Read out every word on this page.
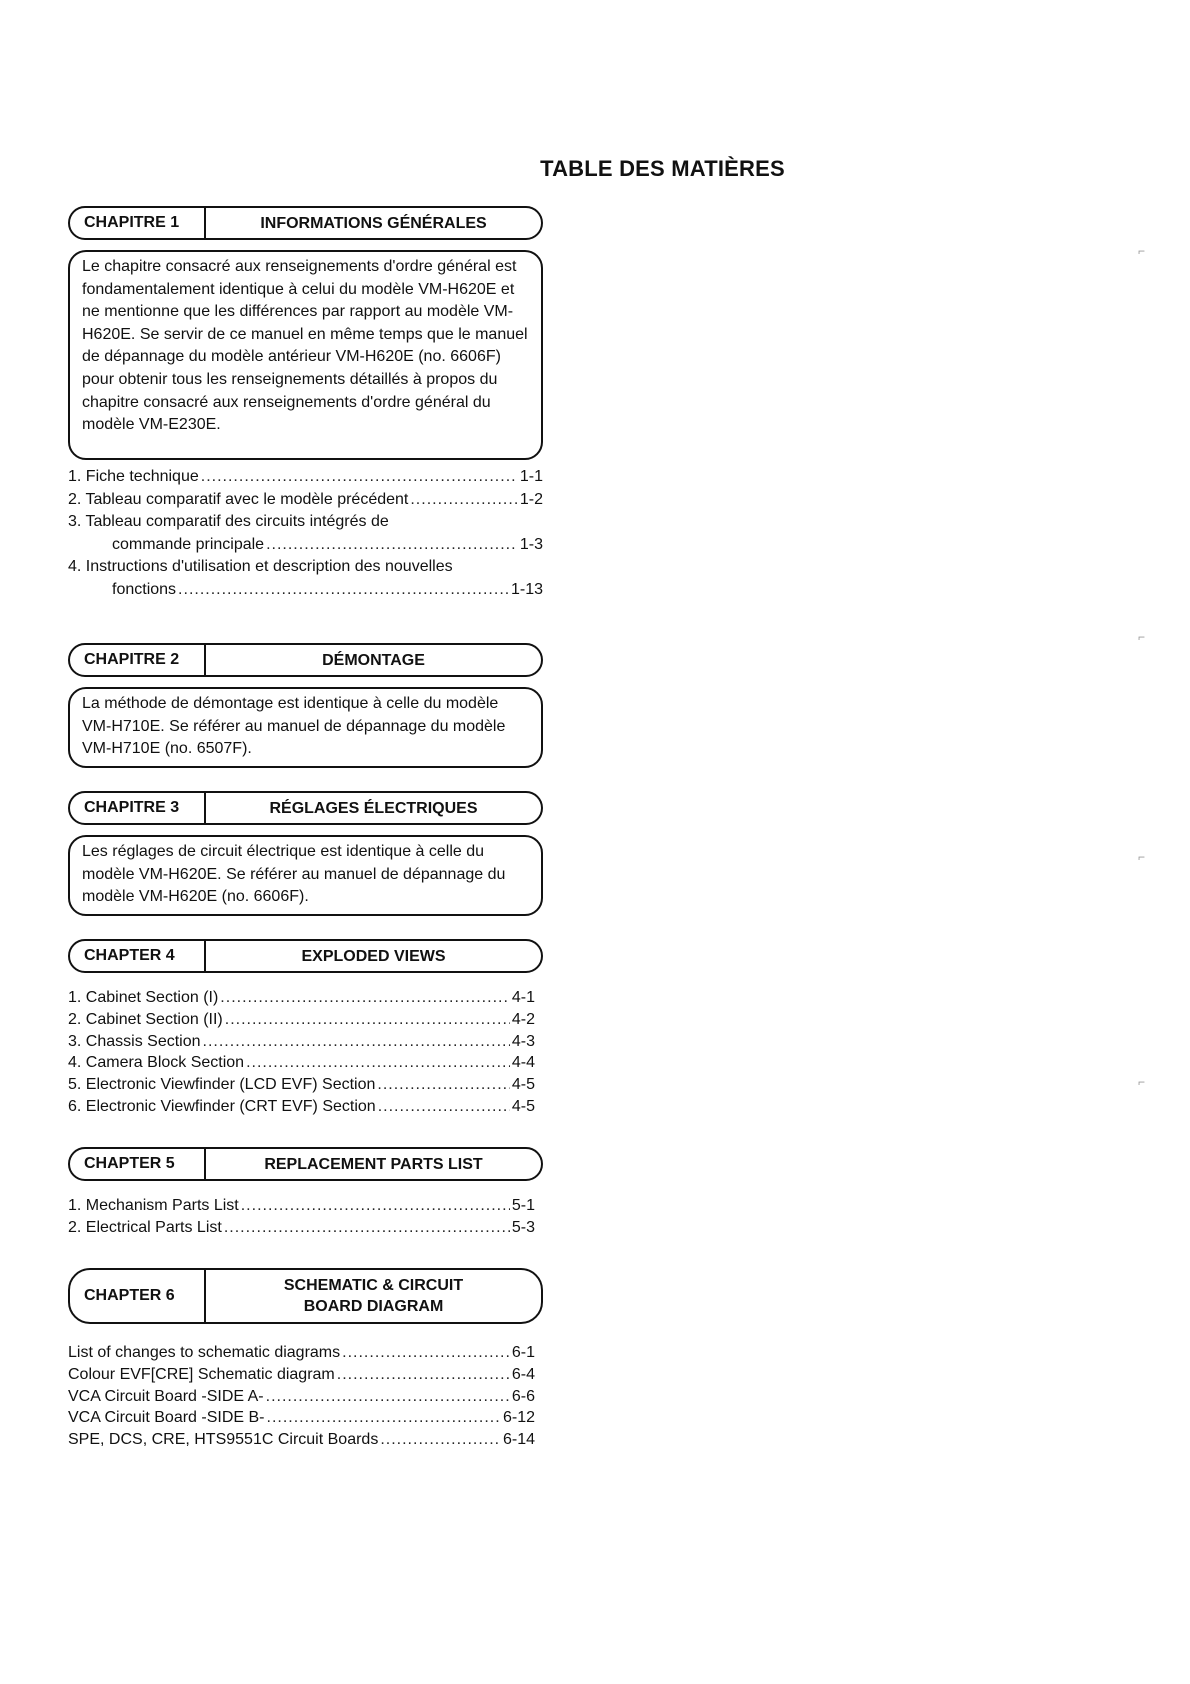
TABLE DES MATIÈRES
CHAPITRE 1	INFORMATIONS GÉNÉRALES
Le chapitre consacré aux renseignements d'ordre général est fondamentalement identique à celui du modèle VM-H620E et ne mentionne que les différences par rapport au modèle VM-H620E. Se servir de ce manuel en même temps que le manuel de dépannage du modèle antérieur VM-H620E (no. 6606F) pour obtenir tous les renseignements détaillés à propos du chapitre consacré aux renseignements d'ordre général du modèle VM-E230E.
1. Fiche technique .....	1-1
2. Tableau comparatif avec le modèle précédent .....	1-2
3. Tableau comparatif des circuits intégrés de
commande principale .....	1-3
4. Instructions d'utilisation et description des nouvelles
fonctions .....	1-13
CHAPITRE 2	DÉMONTAGE
La méthode de démontage est identique à celle du modèle VM-H710E. Se référer au manuel de dépannage du modèle VM-H710E (no. 6507F).
CHAPITRE 3	RÉGLAGES ÉLECTRIQUES
Les réglages de circuit électrique est identique à celle du modèle VM-H620E. Se référer au manuel de dépannage du modèle VM-H620E (no. 6606F).
CHAPTER 4	EXPLODED VIEWS
1. Cabinet Section (I) .....	4-1
2. Cabinet Section (II) .....	4-2
3. Chassis Section .....	4-3
4. Camera Block Section .....	4-4
5. Electronic Viewfinder (LCD EVF) Section .....	4-5
6. Electronic Viewfinder (CRT EVF) Section .....	4-5
CHAPTER 5	REPLACEMENT PARTS LIST
1. Mechanism Parts List .....	5-1
2. Electrical Parts List .....	5-3
CHAPTER 6
SCHEMATIC & CIRCUIT
BOARD DIAGRAM
List of changes to schematic diagrams .....	6-1
Colour EVF[CRE] Schematic diagram .....	6-4
VCA Circuit Board -SIDE A- .....	6-6
VCA Circuit Board -SIDE B- .....	6-12
SPE, DCS, CRE, HTS9551C Circuit Boards .....	6-14
⌐
⌐
⌐
⌐
